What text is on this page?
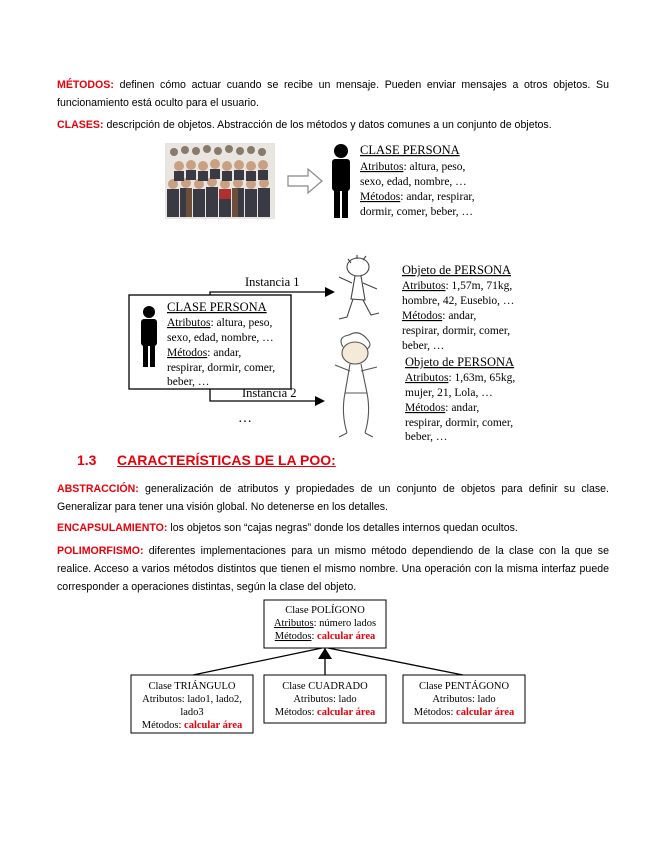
MÉTODOS: definen cómo actuar cuando se recibe un mensaje. Pueden enviar mensajes a otros objetos. Su funcionamiento está oculto para el usuario.
CLASES: descripción de objetos. Abstracción de los métodos y datos comunes a un conjunto de objetos.
CLASE PERSONA
Atributos: altura, peso,
sexo, edad, nombre, …
Métodos: andar, respirar,
dormir, comer, beber, …
CLASE PERSONA
Atributos: altura, peso,
sexo, edad, nombre, …
Métodos: andar,
respirar, dormir, comer,
beber, …
Instancia 1
Instancia 2
…
Objeto de PERSONA
Atributos: 1,57m, 71kg,
hombre, 42, Eusebio, …
Métodos: andar,
respirar, dormir, comer,
beber, …
Objeto de PERSONA
Atributos: 1,63m, 65kg,
mujer, 21, Lola, …
Métodos: andar,
respirar, dormir, comer,
beber, …
1.3 CARACTERÍSTICAS DE LA POO:
ABSTRACCIÓN: generalización de atributos y propiedades de un conjunto de objetos para definir su clase. Generalizar para tener una visión global. No detenerse en los detalles.
ENCAPSULAMIENTO: los objetos son “cajas negras” donde los detalles internos quedan ocultos.
POLIMORFISMO: diferentes implementaciones para un mismo método dependiendo de la clase con la que se realice. Acceso a varios métodos distintos que tienen el mismo nombre. Una operación con la misma interfaz puede corresponder a operaciones distintas, según la clase del objeto.
Clase POLÍGONO
Atributos: número lados
Métodos: calcular área
Clase TRIÁNGULO
Atributos: lado1, lado2,
lado3
Métodos: calcular área
Clase CUADRADO
Atributos: lado
Métodos: calcular área
Clase PENTÁGONO
Atributos: lado
Métodos: calcular área
